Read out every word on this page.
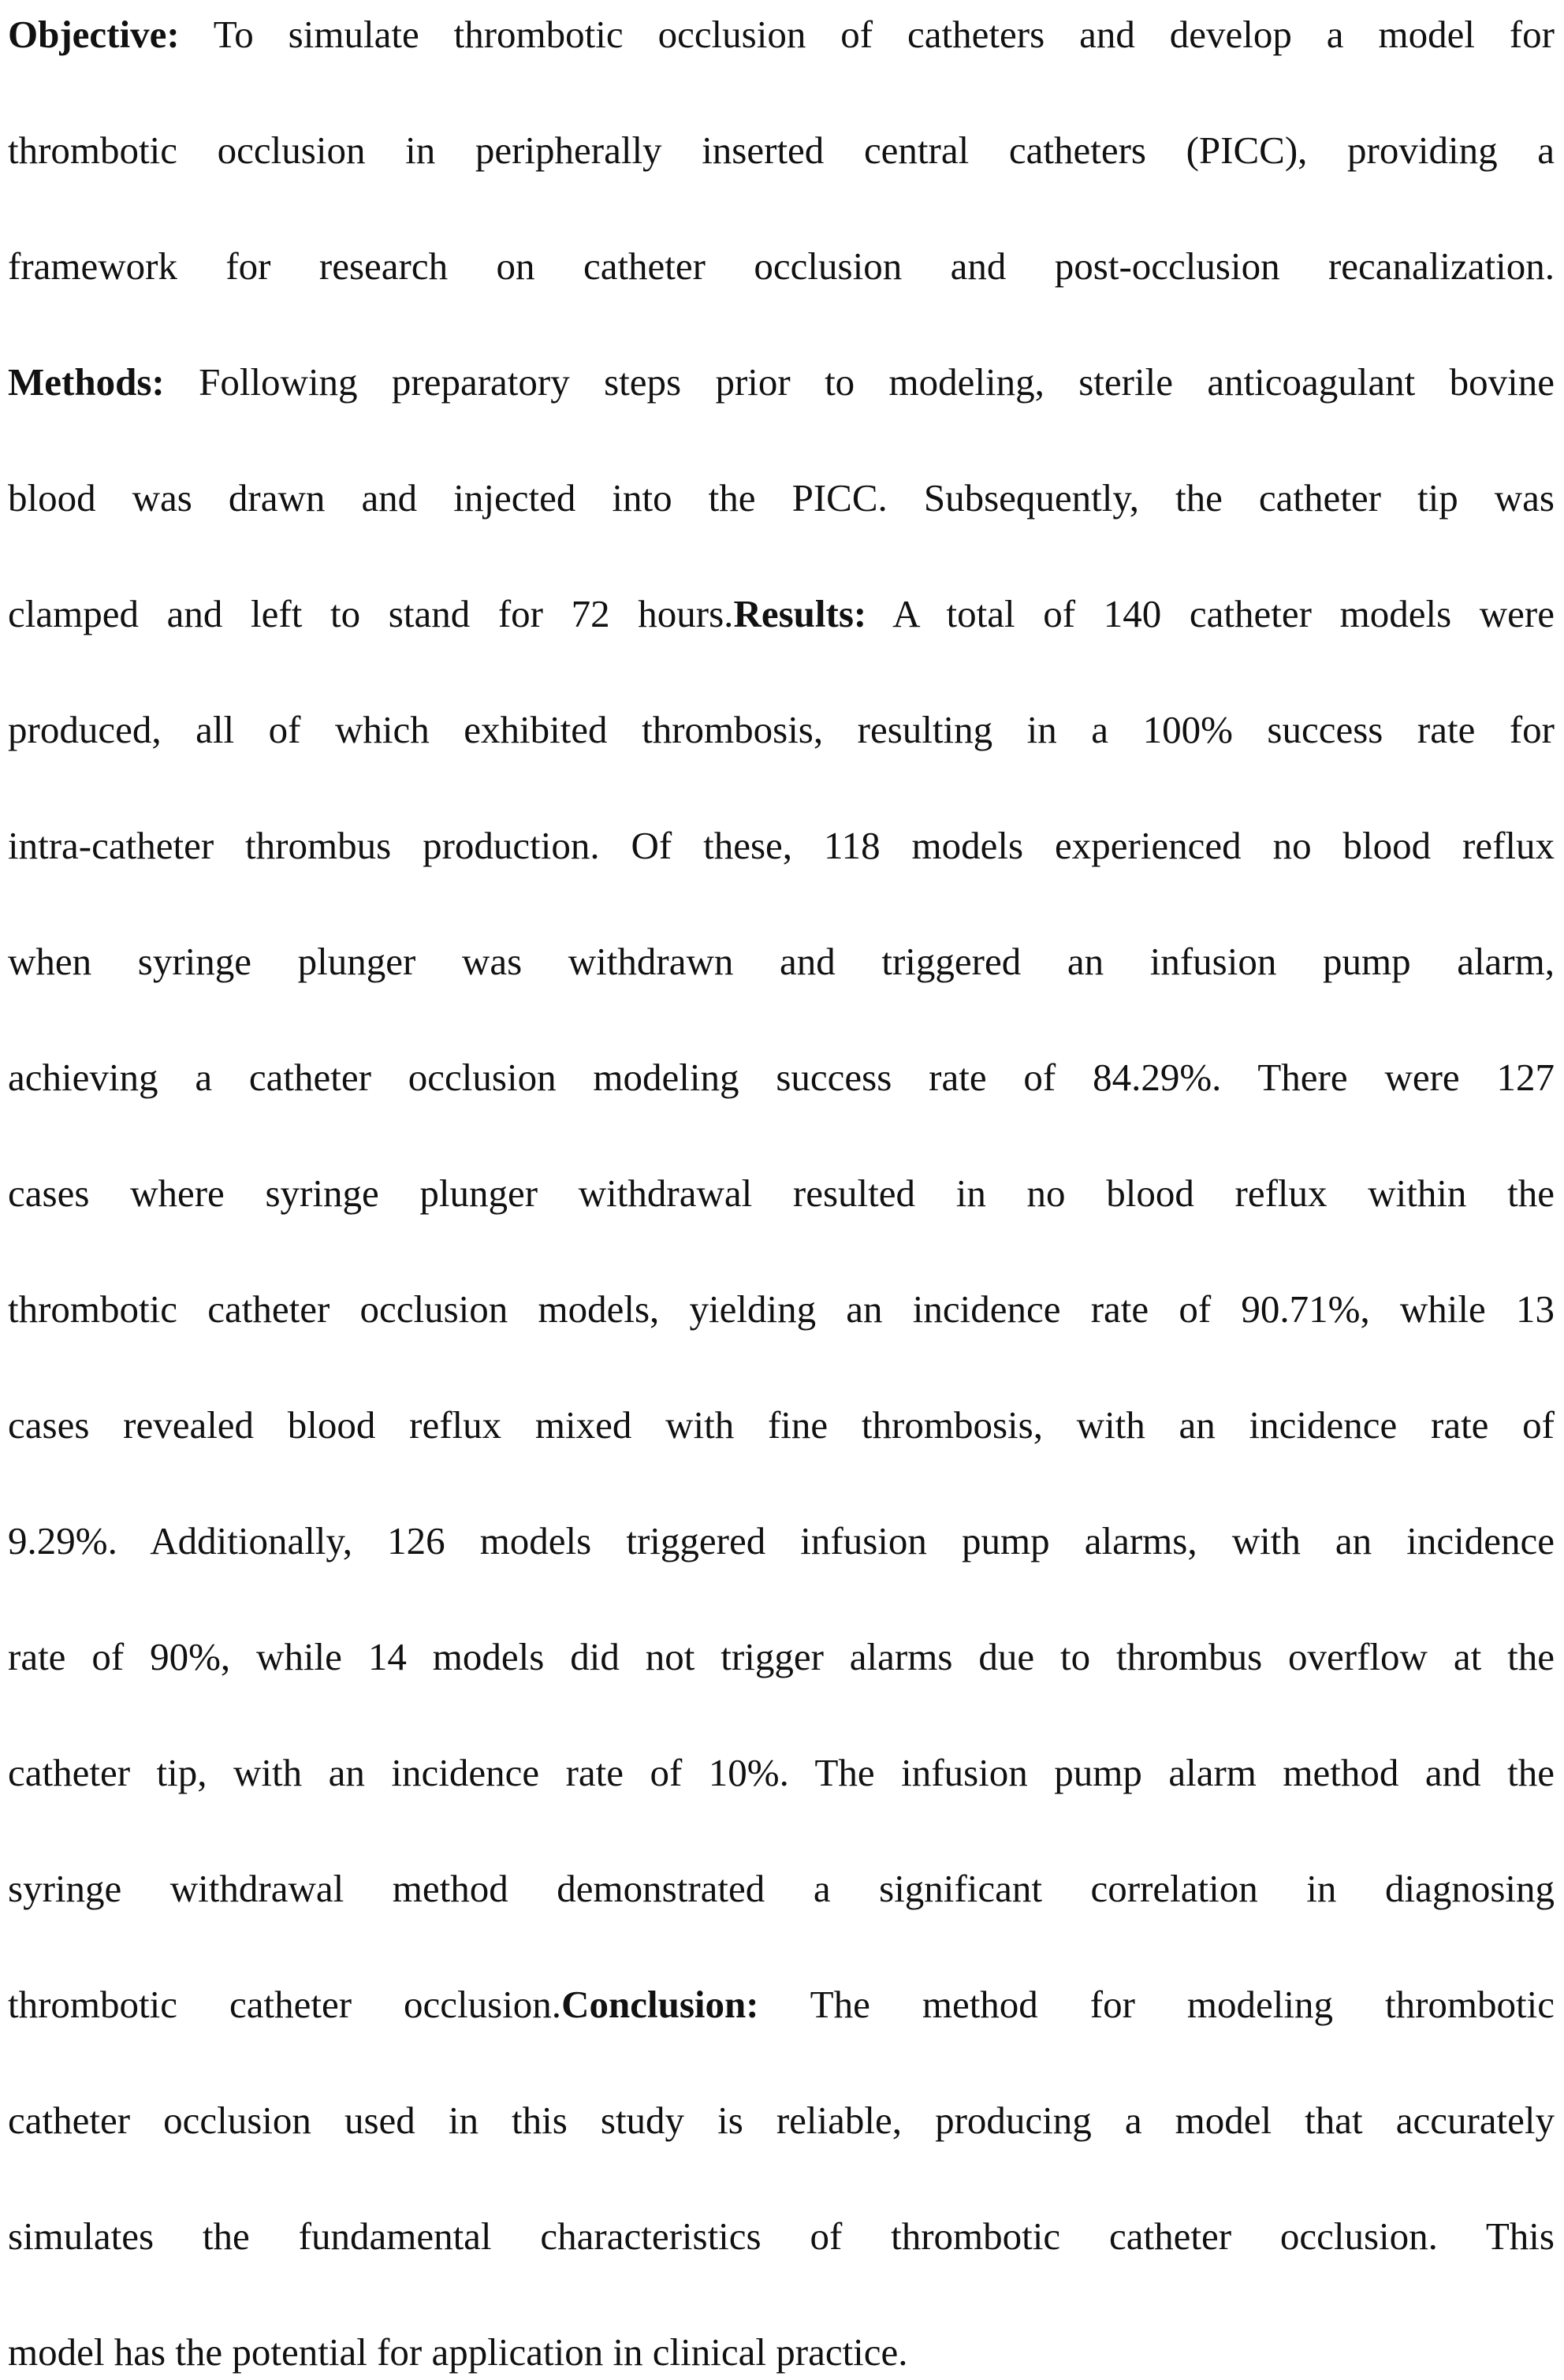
Objective: To simulate thrombotic occlusion of catheters and develop a model for
thrombotic occlusion in peripherally inserted central catheters (PICC), providing a
framework for research on catheter occlusion and post-occlusion recanalization.
Methods: Following preparatory steps prior to modeling, sterile anticoagulant bovine
blood was drawn and injected into the PICC. Subsequently, the catheter tip was
clamped and left to stand for 72 hours.Results: A total of 140 catheter models were
produced, all of which exhibited thrombosis, resulting in a 100% success rate for
intra-catheter thrombus production. Of these, 118 models experienced no blood reflux
when syringe plunger was withdrawn and triggered an infusion pump alarm,
achieving a catheter occlusion modeling success rate of 84.29%. There were 127
cases where syringe plunger withdrawal resulted in no blood reflux within the
thrombotic catheter occlusion models, yielding an incidence rate of 90.71%, while 13
cases revealed blood reflux mixed with fine thrombosis, with an incidence rate of
9.29%. Additionally, 126 models triggered infusion pump alarms, with an incidence
rate of 90%, while 14 models did not trigger alarms due to thrombus overflow at the
catheter tip, with an incidence rate of 10%. The infusion pump alarm method and the
syringe withdrawal method demonstrated a significant correlation in diagnosing
thrombotic catheter occlusion.Conclusion: The method for modeling thrombotic
catheter occlusion used in this study is reliable, producing a model that accurately
simulates the fundamental characteristics of thrombotic catheter occlusion. This
model has the potential for application in clinical practice.
